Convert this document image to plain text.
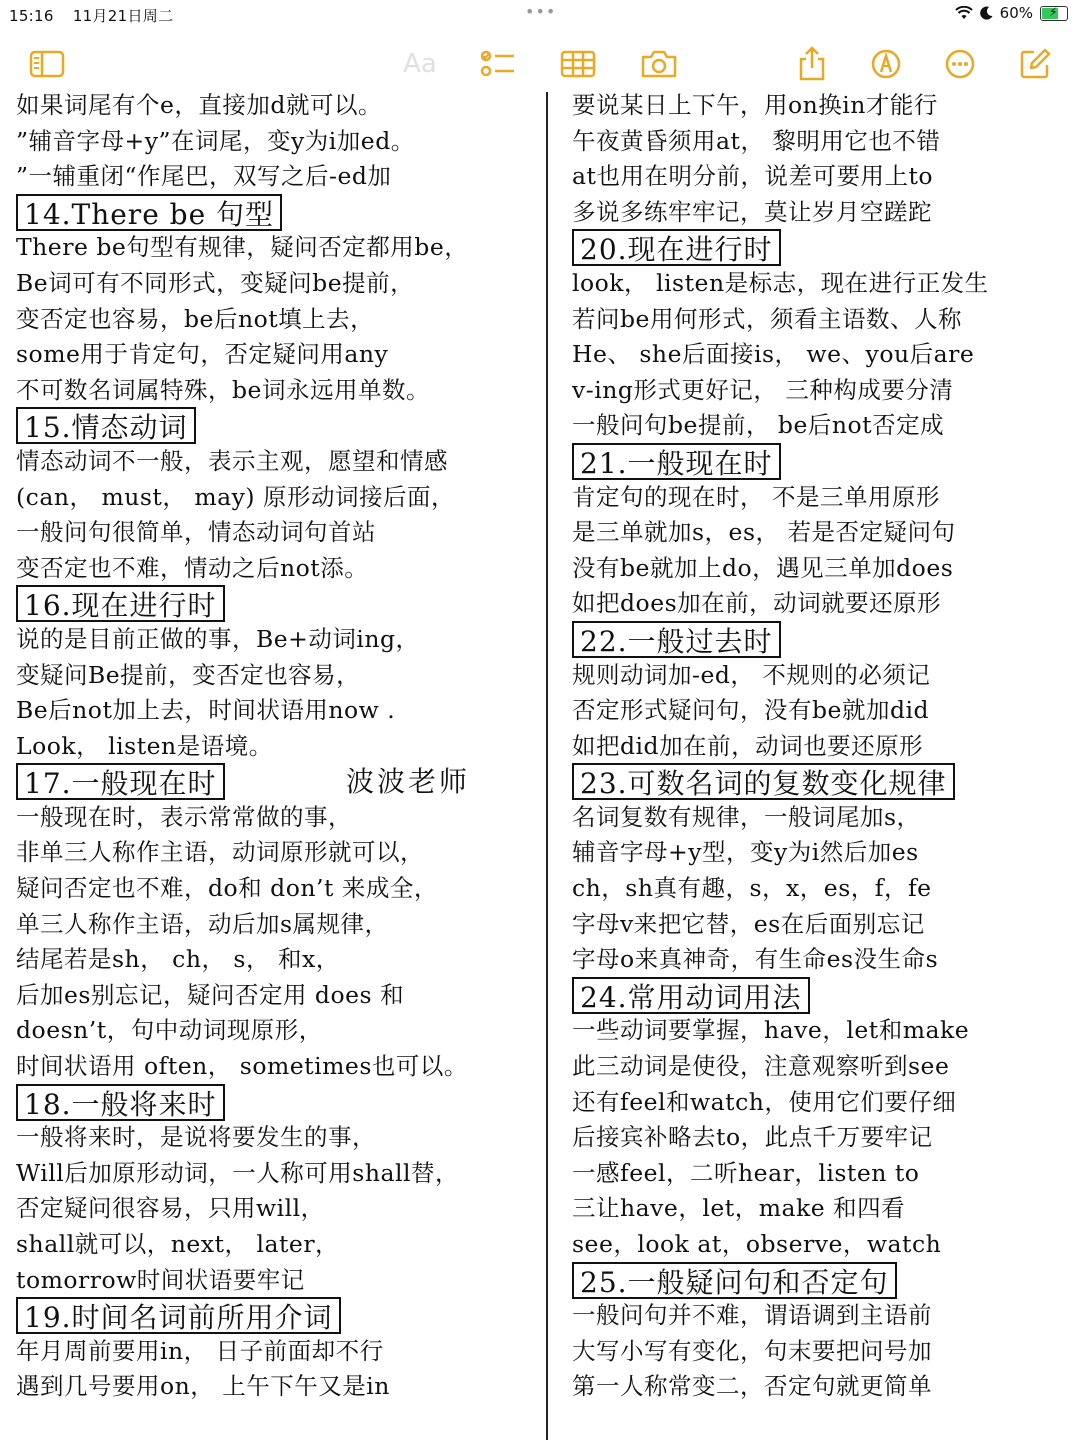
15:16 11月21日周二	•••	60% ⚡
Aa
如果词尾有个e，直接加d就可以。
”辅音字母+y”在词尾，变y为i加ed。
”一辅重闭“作尾巴，双写之后-ed加
14.There be 句型
There be句型有规律，疑问否定都用be，
Be词可有不同形式，变疑问be提前，
变否定也容易，be后not填上去，
some用于肯定句，否定疑问用any
不可数名词属特殊，be词永远用单数。
15.情态动词
情态动词不一般，表示主观，愿望和情感
(can， must， may) 原形动词接后面，
一般问句很简单，情态动词句首站
变否定也不难，情动之后not添。
16.现在进行时
说的是目前正做的事，Be+动词ing，
变疑问Be提前，变否定也容易，
Be后not加上去，时间状语用now .
Look， listen是语境。
17.一般现在时	波波老师
一般现在时，表示常常做的事，
非单三人称作主语，动词原形就可以，
疑问否定也不难，do和 don’t 来成全，
单三人称作主语，动后加s属规律，
结尾若是sh， ch， s， 和x，
后加es别忘记，疑问否定用 does 和
doesn’t，句中动词现原形，
时间状语用 often， sometimes也可以。
18.一般将来时
一般将来时，是说将要发生的事，
Will后加原形动词，一人称可用shall替，
否定疑问很容易，只用will，
shall就可以，next， later，
tomorrow时间状语要牢记
19.时间名词前所用介词
年月周前要用in， 日子前面却不行
遇到几号要用on， 上午下午又是in
要说某日上下午，用on换in才能行
午夜黄昏须用at， 黎明用它也不错
at也用在明分前，说差可要用上to
多说多练牢牢记，莫让岁月空蹉跎
20.现在进行时
look， listen是标志，现在进行正发生
若问be用何形式，须看主语数、人称
He、 she后面接is， we、you后are
v-ing形式更好记， 三种构成要分清
一般问句be提前， be后not否定成
21.一般现在时
肯定句的现在时， 不是三单用原形
是三单就加s，es， 若是否定疑问句
没有be就加上do，遇见三单加does
如把does加在前，动词就要还原形
22.一般过去时
规则动词加-ed， 不规则的必须记
否定形式疑问句，没有be就加did
如把did加在前，动词也要还原形
23.可数名词的复数变化规律
名词复数有规律，一般词尾加s，
辅音字母+y型，变y为i然后加es
ch，sh真有趣，s，x，es，f，fe
字母v来把它替，es在后面别忘记
字母o来真神奇，有生命es没生命s
24.常用动词用法
一些动词要掌握，have，let和make
此三动词是使役，注意观察听到see
还有feel和watch，使用它们要仔细
后接宾补略去to，此点千万要牢记
一感feel，二听hear，listen to
三让have，let，make 和四看
see，look at，observe，watch
25.一般疑问句和否定句
一般问句并不难，谓语调到主语前
大写小写有变化，句末要把问号加
第一人称常变二，否定句就更简单
